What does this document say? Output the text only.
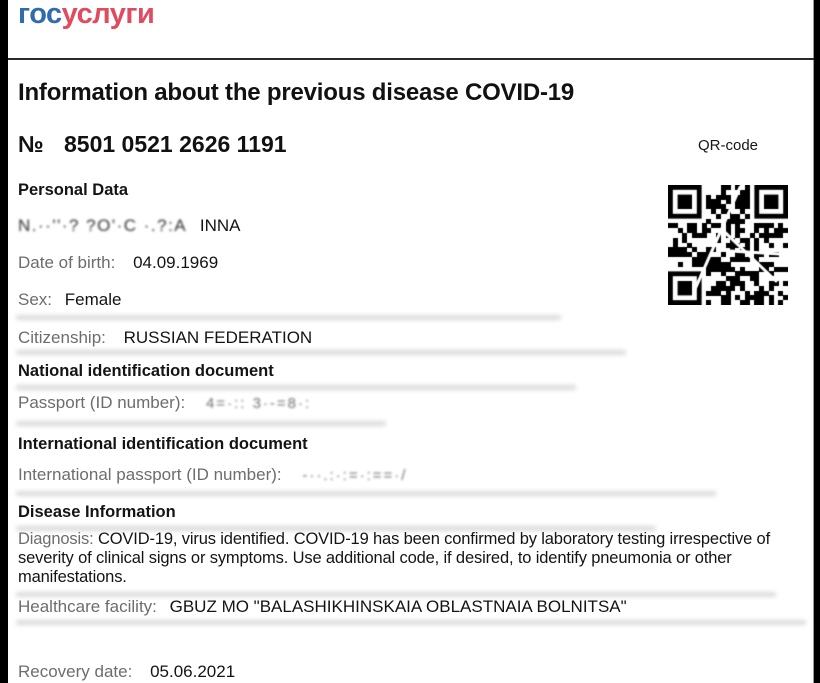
госуслуги
Information about the previous disease COVID-19
№ 8501 0521 2626 1191	QR-code
Personal Data
N.··''·? ?O'·C ·.?:A INNA
Date of birth: 04.09.1969
Sex: Female
Citizenship: RUSSIAN FEDERATION
National identification document
Passport (ID number): 4=·:: 3·-=8·:
International identification document
International passport (ID number): -··.:·:=·:==·/
Disease Information

Diagnosis: COVID-19, virus identified. COVID-19 has been confirmed by laboratory testing irrespective of severity of clinical signs or symptoms. Use additional code, if desired, to identify pneumonia or other manifestations.

Healthcare facility: GBUZ MO "BALASHIKHINSKAIA OBLASTNAIA BOLNITSA"
Recovery date: 05.06.2021
